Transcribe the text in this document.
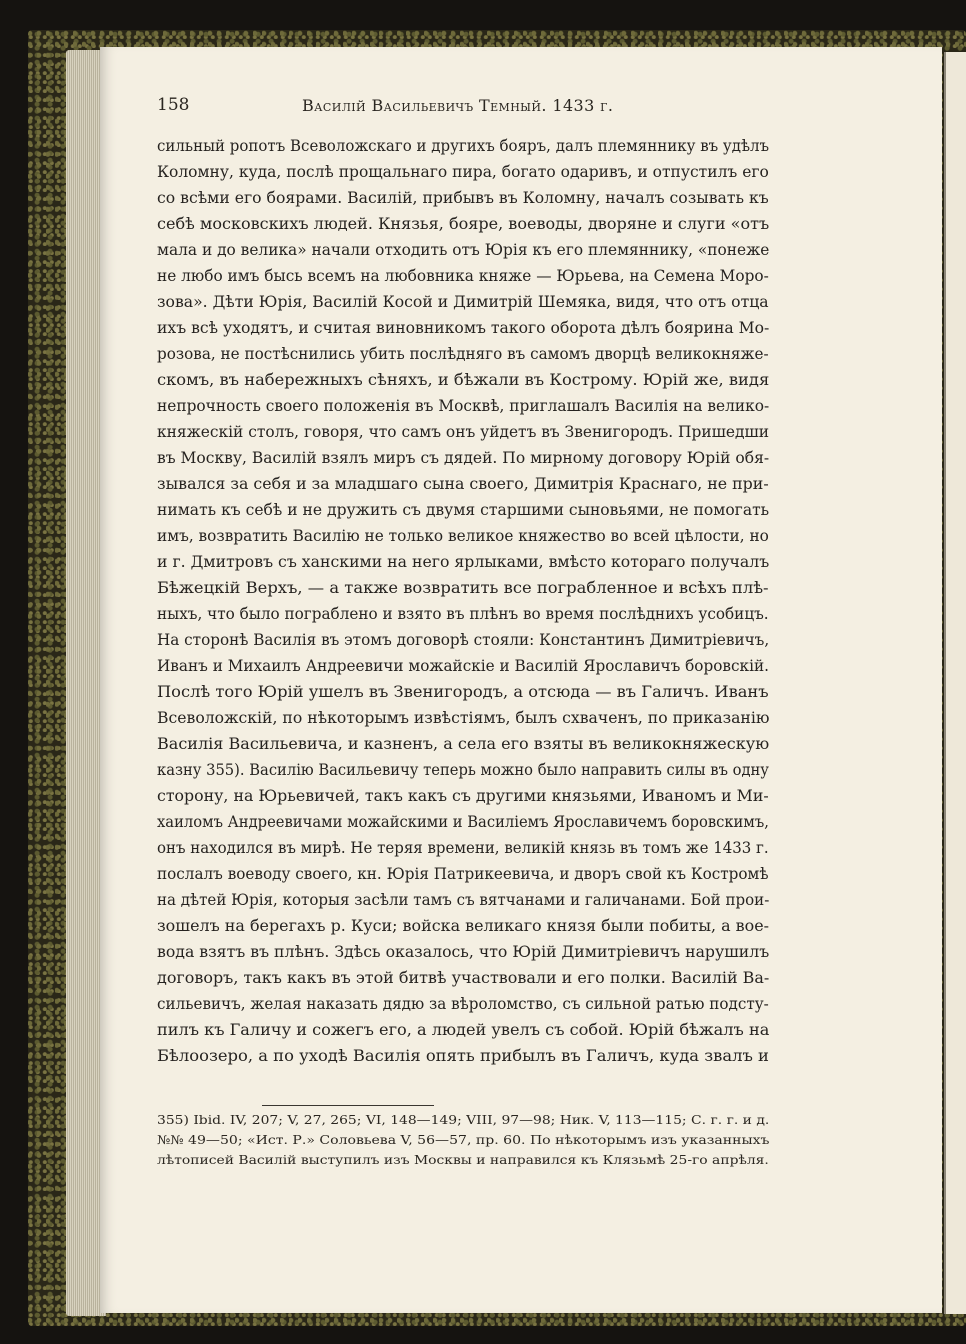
158	Василій Васильевичъ Темный. 1433 г.
сильный ропотъ Всеволожскаго и другихъ бояръ, далъ племяннику въ удѣлъ
Коломну, куда, послѣ прощальнаго пира, богато одаривъ, и отпустилъ его
со всѣми его боярами. Василій, прибывъ въ Коломну, началъ созывать къ
себѣ московскихъ людей. Князья, бояре, воеводы, дворяне и слуги «отъ
мала и до велика» начали отходить отъ Юрія къ его племяннику, «понеже
не любо имъ бысь всемъ на любовника княже — Юрьева, на Семена Моро-
зова». Дѣти Юрія, Василій Косой и Димитрій Шемяка, видя, что отъ отца
ихъ всѣ уходятъ, и считая виновникомъ такого оборота дѣлъ боярина Мо-
розова, не постѣснились убить послѣдняго въ самомъ дворцѣ великокняже-
скомъ, въ набережныхъ сѣняхъ, и бѣжали въ Кострому. Юрій же, видя
непрочность своего положенія въ Москвѣ, приглашалъ Василія на велико-
княжескій столъ, говоря, что самъ онъ уйдетъ въ Звенигородъ. Пришедши
въ Москву, Василій взялъ миръ съ дядей. По мирному договору Юрій обя-
зывался за себя и за младшаго сына своего, Димитрія Краснаго, не при-
нимать къ себѣ и не дружить съ двумя старшими сыновьями, не помогать
имъ, возвратить Василію не только великое княжество во всей цѣлости, но
и г. Дмитровъ съ ханскими на него ярлыками, вмѣсто котораго получалъ
Бѣжецкій Верхъ, — а также возвратить все пограбленное и всѣхъ плѣ-
ныхъ, что было пограблено и взято въ плѣнъ во время послѣднихъ усобицъ.
На сторонѣ Василія въ этомъ договорѣ стояли: Константинъ Димитріевичъ,
Иванъ и Михаилъ Андреевичи можайскіе и Василій Ярославичъ боровскій.
Послѣ того Юрій ушелъ въ Звенигородъ, а отсюда — въ Галичъ. Иванъ
Всеволожскій, по нѣкоторымъ извѣстіямъ, былъ схваченъ, по приказанію
Василія Васильевича, и казненъ, а села его взяты въ великокняжескую
казну 355). Василію Васильевичу теперь можно было направить силы въ одну
сторону, на Юрьевичей, такъ какъ съ другими князьями, Иваномъ и Ми-
хаиломъ Андреевичами можайскими и Василіемъ Ярославичемъ боровскимъ,
онъ находился въ мирѣ. Не теряя времени, великій князь въ томъ же 1433 г.
послалъ воеводу своего, кн. Юрія Патрикеевича, и дворъ свой къ Костромѣ
на дѣтей Юрія, которыя засѣли тамъ съ вятчанами и галичанами. Бой прои-
зошелъ на берегахъ р. Куси; войска великаго князя были побиты, а вое-
вода взятъ въ плѣнъ. Здѣсь оказалось, что Юрій Димитріевичъ нарушилъ
договоръ, такъ какъ въ этой битвѣ участвовали и его полки. Василій Ва-
сильевичъ, желая наказать дядю за вѣроломство, съ сильной ратью подсту-
пилъ къ Галичу и сожегъ его, а людей увелъ съ собой. Юрій бѣжалъ на
Бѣлоозеро, а по уходѣ Василія опять прибылъ въ Галичъ, куда звалъ и
355) Ibid. IV, 207; V, 27, 265; VI, 148—149; VIII, 97—98; Ник. V, 113—115; С. г. г. и д.
№№ 49—50; «Ист. Р.» Соловьева V, 56—57, пр. 60. По нѣкоторымъ изъ указанныхъ
лѣтописей Василій выступилъ изъ Москвы и направился къ Клязьмѣ 25-го апрѣля.
